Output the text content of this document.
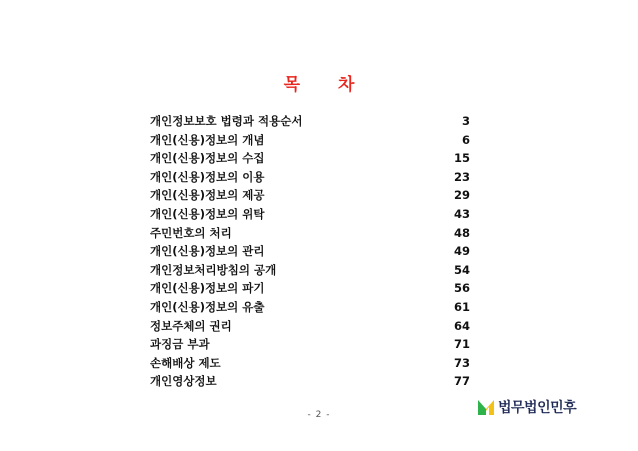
목 차
개인정보보호 법령과 적용순서	3
개인(신용)정보의 개념	6
개인(신용)정보의 수집	15
개인(신용)정보의 이용	23
개인(신용)정보의 제공	29
개인(신용)정보의 위탁	43
주민번호의 처리	48
개인(신용)정보의 관리	49
개인정보처리방침의 공개	54
개인(신용)정보의 파기	56
개인(신용)정보의 유출	61
정보주체의 권리	64
과징금 부과	71
손해배상 제도	73
개인영상정보	77
- 2 -	법무법인민후
